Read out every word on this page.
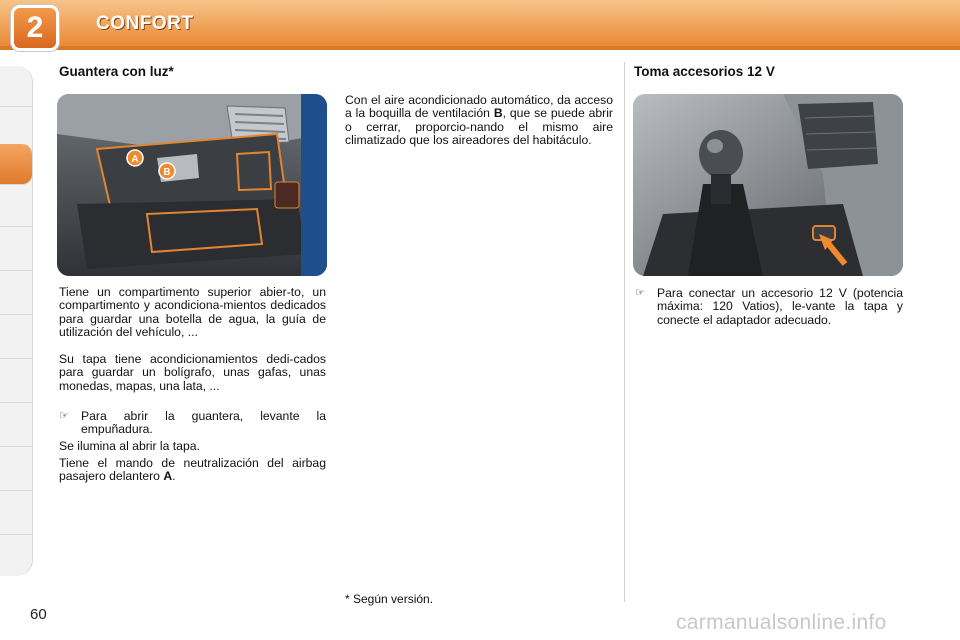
2	CONFORT
Guantera con luz*
A
B

Tiene un compartimento superior abier-to, un compartimento y acondiciona-mientos dedicados para guardar una botella de agua, la guía de utilización del vehículo, ...

Su tapa tiene acondicionamientos dedi-cados para guardar un bolígrafo, unas gafas, unas monedas, mapas, una lata, ...

☞ Para abrir la guantera, levante la empuñadura.

Se ilumina al abrir la tapa.

Tiene el mando de neutralización del airbag pasajero delantero A.

Con el aire acondicionado automático, da acceso a la boquilla de ventilación B, que se puede abrir o cerrar, proporcio-nando el mismo aire climatizado que los aireadores del habitáculo.

Toma accesorios 12 V
☞ Para conectar un accesorio 12 V (potencia máxima: 120 Vatios), le-vante la tapa y conecte el adaptador adecuado.
* Según versión.
60	carmanualsonline.info
